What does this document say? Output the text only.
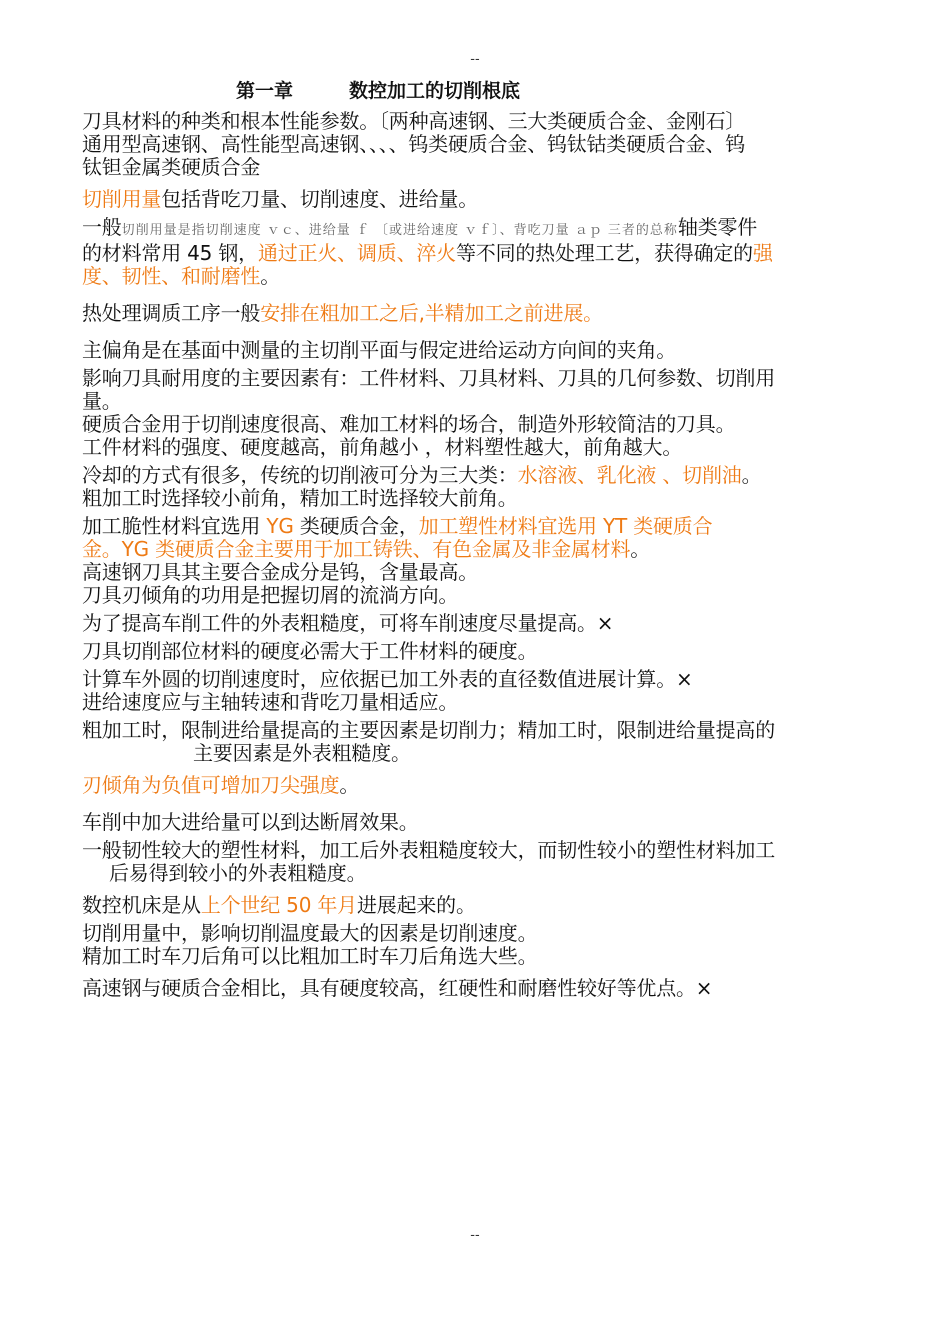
--
第一章	数控加工的切削根底

刀具材料的种类和根本性能参数。〔两种高速钢、三大类硬质合金、金刚石〕

通用型高速钢、高性能型高速钢、、、、钨类硬质合金、钨钛钴类硬质合金、钨

钛钽金属类硬质合金

切削用量包括背吃刀量、切削速度、进给量。

一般切削用量是指切削速度 ｖｃ、进给量 ｆ 〔或进给速度 ｖｆ〕、背吃刀量 ａｐ 三者的总称轴类零件

的材料常用 45 钢，通过正火、调质、淬火等不同的热处理工艺，获得确定的强

度、韧性、和耐磨性。

热处理调质工序一般安排在粗加工之后,半精加工之前进展。

主偏角是在基面中测量的主切削平面与假定进给运动方向间的夹角。

影响刀具耐用度的主要因素有：工件材料、刀具材料、刀具的几何参数、切削用

量。

硬质合金用于切削速度很高、难加工材料的场合，制造外形较简洁的刀具。

工件材料的强度、硬度越高，前角越小 ，材料塑性越大，前角越大。

冷却的方式有很多，传统的切削液可分为三大类：水溶液、乳化液 、切削油。

粗加工时选择较小前角，精加工时选择较大前角。

加工脆性材料宜选用 YG 类硬质合金，加工塑性材料宜选用 YT 类硬质合

金。YG 类硬质合金主要用于加工铸铁、有色金属及非金属材料。

高速钢刀具其主要合金成分是钨，含量最高。

刀具刃倾角的功用是把握切屑的流淌方向。

为了提高车削工件的外表粗糙度，可将车削速度尽量提高。×

刀具切削部位材料的硬度必需大于工件材料的硬度。

计算车外圆的切削速度时，应依据已加工外表的直径数值进展计算。×

进给速度应与主轴转速和背吃刀量相适应。

粗加工时，限制进给量提高的主要因素是切削力；精加工时，限制进给量提高的

主要因素是外表粗糙度。

刃倾角为负值可增加刀尖强度。

车削中加大进给量可以到达断屑效果。

一般韧性较大的塑性材料，加工后外表粗糙度较大，而韧性较小的塑性材料加工

后易得到较小的外表粗糙度。

数控机床是从上个世纪 50 年月进展起来的。

切削用量中，影响切削温度最大的因素是切削速度。

精加工时车刀后角可以比粗加工时车刀后角选大些。

高速钢与硬质合金相比，具有硬度较高，红硬性和耐磨性较好等优点。×

--
